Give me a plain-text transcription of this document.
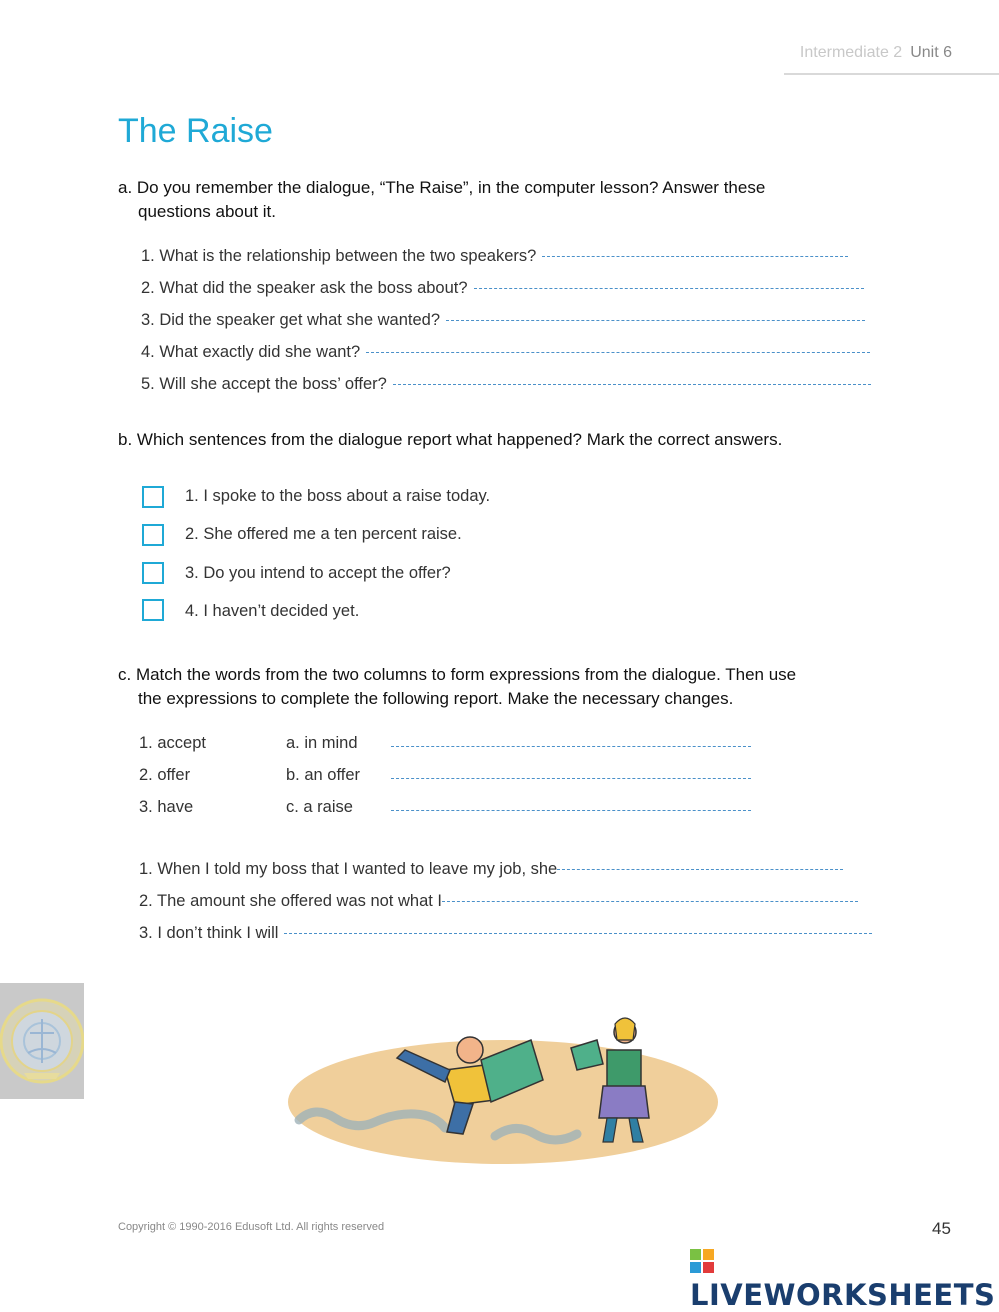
Intermediate 2 Unit 6
The Raise
a. Do you remember the dialogue, “The Raise”, in the computer lesson? Answer these
questions about it.
1. What is the relationship between the two speakers?
2. What did the speaker ask the boss about?
3. Did the speaker get what she wanted?
4. What exactly did she want?
5. Will she accept the boss’ offer?
b. Which sentences from the dialogue report what happened? Mark the correct answers.
1. I spoke to the boss about a raise today.
2. She offered me a ten percent raise.
3. Do you intend to accept the offer?
4. I haven’t decided yet.
c. Match the words from the two columns to form expressions from the dialogue. Then use
the expressions to complete the following report. Make the necessary changes.
1. accept	a. in mind
2. offer	b. an offer
3. have	c. a raise
1. When I told my boss that I wanted to leave my job, she
2. The amount she offered was not what I
3. I don’t think I will
Copyright © 1990-2016 Edusoft Ltd. All rights reserved	45
LIVEWORKSHEETS
